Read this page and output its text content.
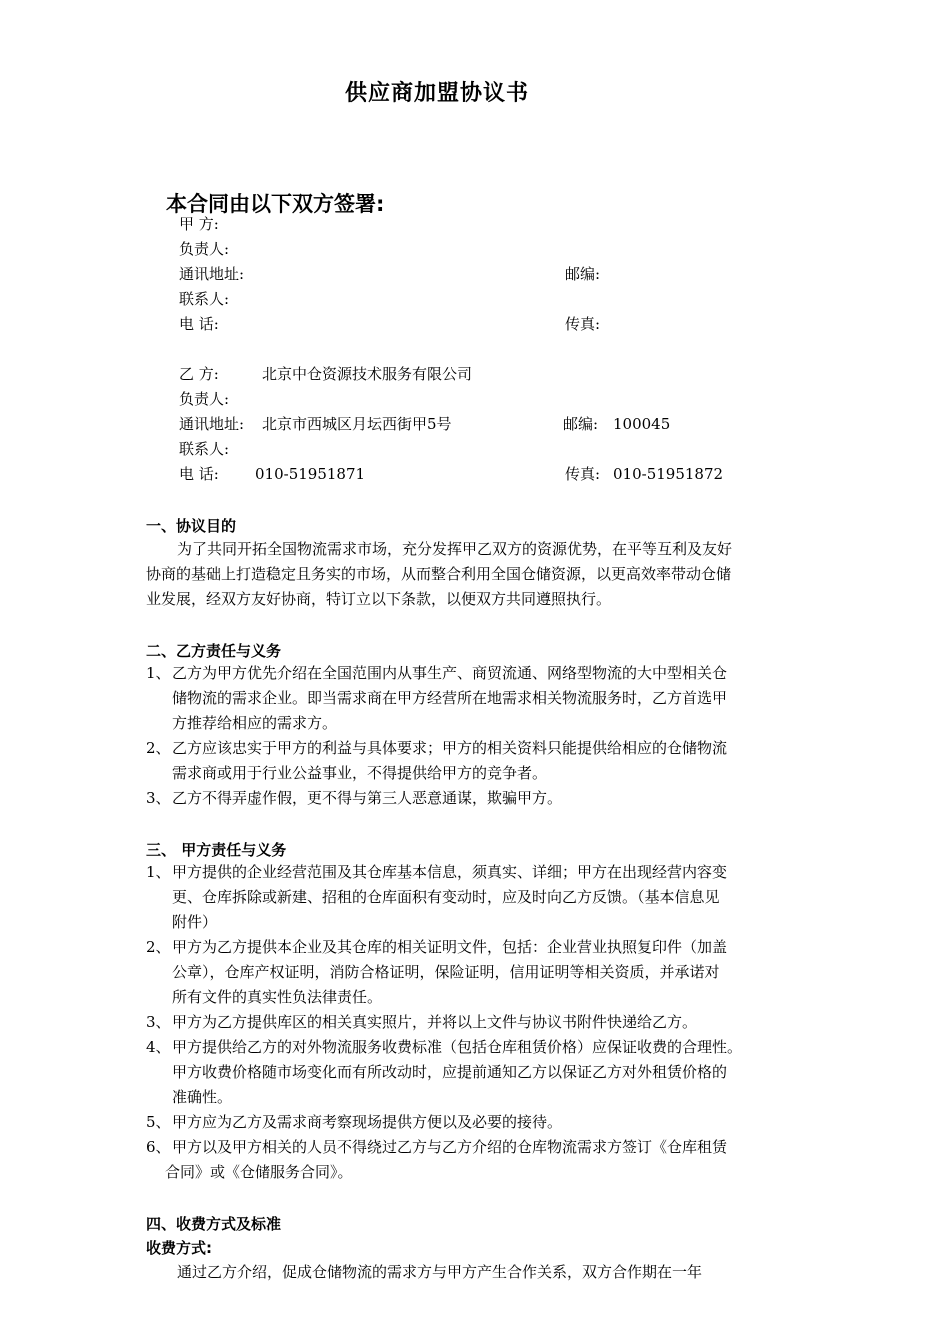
供应商加盟协议书
本合同由以下双方签署:
甲 方:
负责人:
通讯地址:	邮编:
联系人:
电 话:	传真:
乙 方:	北京中仓资源技术服务有限公司
负责人:
通讯地址: 北京市西城区月坛西街甲5号	邮编: 100045
联系人:
电 话: 010-51951871	传真: 010-51951872
一、协议目的
为了共同开拓全国物流需求市场，充分发挥甲乙双方的资源优势，在平等互利及友好
协商的基础上打造稳定且务实的市场，从而整合利用全国仓储资源，以更高效率带动仓储
业发展，经双方友好协商，特订立以下条款，以便双方共同遵照执行。
二、乙方责任与义务
1、 乙方为甲方优先介绍在全国范围内从事生产、商贸流通、网络型物流的大中型相关仓
储物流的需求企业。即当需求商在甲方经营所在地需求相关物流服务时，乙方首选甲
方推荐给相应的需求方。
2、 乙方应该忠实于甲方的利益与具体要求；甲方的相关资料只能提供给相应的仓储物流
需求商或用于行业公益事业，不得提供给甲方的竞争者。
3、 乙方不得弄虚作假，更不得与第三人恶意通谋，欺骗甲方。
三、 甲方责任与义务
1、 甲方提供的企业经营范围及其仓库基本信息，须真实、详细；甲方在出现经营内容变
更、仓库拆除或新建、招租的仓库面积有变动时，应及时向乙方反馈。（基本信息见
附件）
2、 甲方为乙方提供本企业及其仓库的相关证明文件，包括：企业营业执照复印件（加盖
公章），仓库产权证明，消防合格证明，保险证明，信用证明等相关资质，并承诺对
所有文件的真实性负法律责任。
3、 甲方为乙方提供库区的相关真实照片，并将以上文件与协议书附件快递给乙方。
4、 甲方提供给乙方的对外物流服务收费标准（包括仓库租赁价格）应保证收费的合理性。
甲方收费价格随市场变化而有所改动时，应提前通知乙方以保证乙方对外租赁价格的
准确性。
5、 甲方应为乙方及需求商考察现场提供方便以及必要的接待。
6、 甲方以及甲方相关的人员不得绕过乙方与乙方介绍的仓库物流需求方签订《仓库租赁
合同》或《仓储服务合同》。
四、收费方式及标准
收费方式:
通过乙方介绍，促成仓储物流的需求方与甲方产生合作关系，双方合作期在一年
